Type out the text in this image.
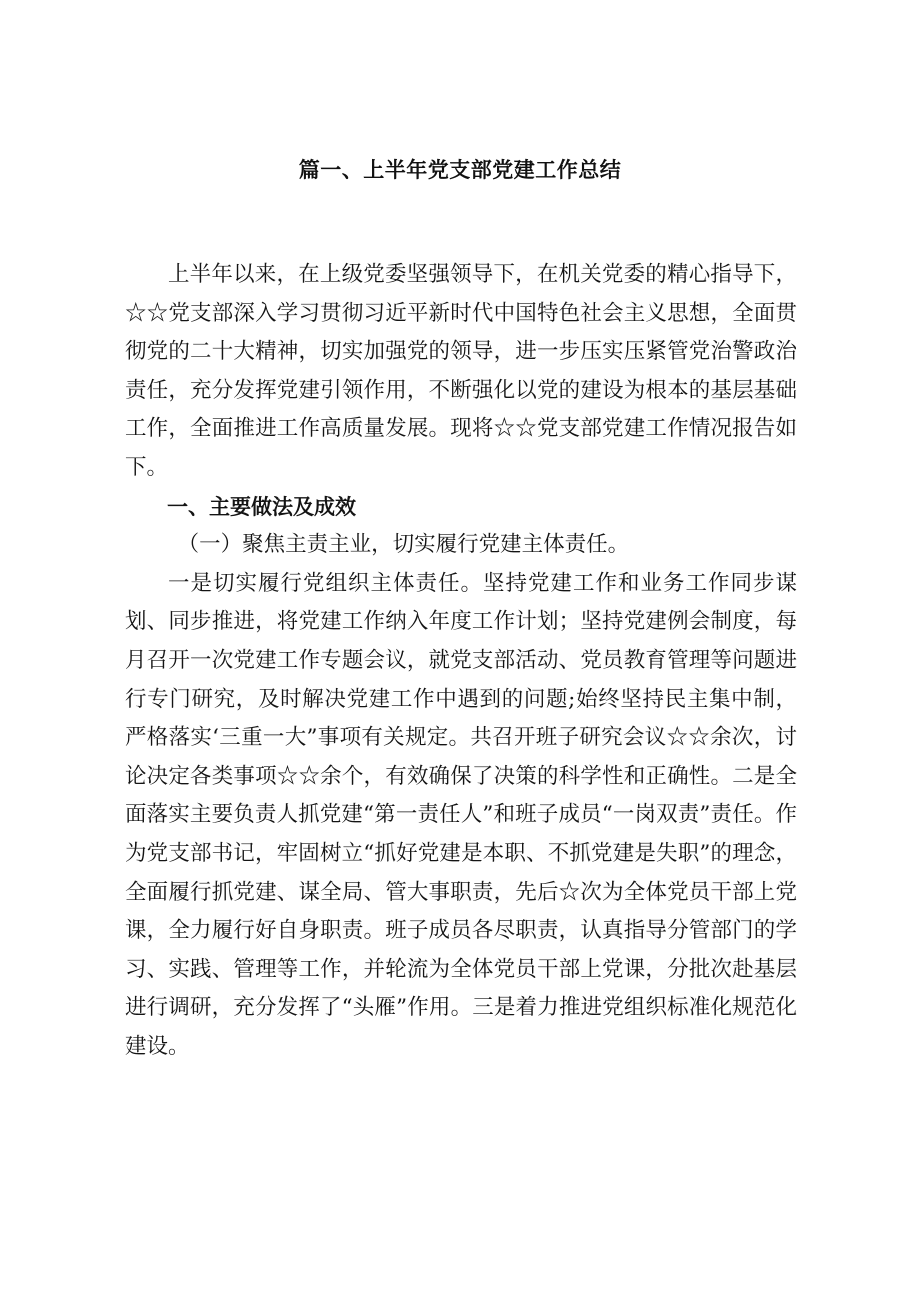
篇一、上半年党支部党建工作总结

上半年以来，在上级党委坚强领导下，在机关党委的精心指导下，☆☆党支部深入学习贯彻习近平新时代中国特色社会主义思想，全面贯彻党的二十大精神，切实加强党的领导，进一步压实压紧管党治警政治责任，充分发挥党建引领作用，不断强化以党的建设为根本的基层基础工作，全面推进工作高质量发展。现将☆☆党支部党建工作情况报告如下。

一、主要做法及成效

（一）聚焦主责主业，切实履行党建主体责任。

一是切实履行党组织主体责任。坚持党建工作和业务工作同步谋划、同步推进，将党建工作纳入年度工作计划；坚持党建例会制度，每月召开一次党建工作专题会议，就党支部活动、党员教育管理等问题进行专门研究，及时解决党建工作中遇到的问题;始终坚持民主集中制，严格落实‘三重一大”事项有关规定。共召开班子研究会议☆☆余次，讨论决定各类事项☆☆余个，有效确保了决策的科学性和正确性。二是全面落实主要负责人抓党建“第一责任人”和班子成员“一岗双责”责任。作为党支部书记，牢固树立“抓好党建是本职、不抓党建是失职”的理念，全面履行抓党建、谋全局、管大事职责，先后☆次为全体党员干部上党课，全力履行好自身职责。班子成员各尽职责，认真指导分管部门的学习、实践、管理等工作，并轮流为全体党员干部上党课，分批次赴基层进行调研，充分发挥了“头雁”作用。三是着力推进党组织标准化规范化建设。
